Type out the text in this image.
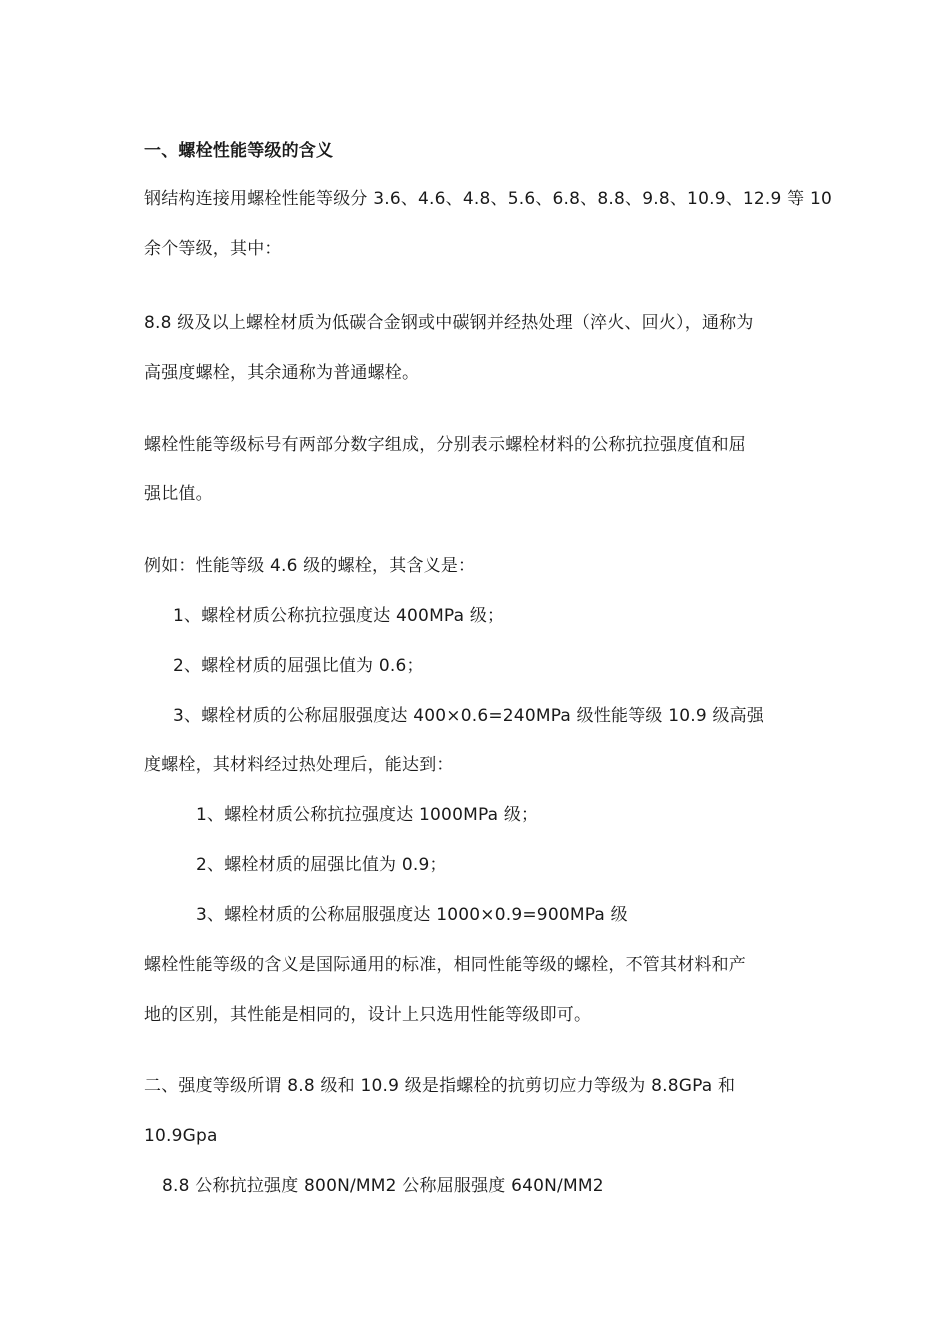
一、螺栓性能等级的含义
钢结构连接用螺栓性能等级分 3.6、4.6、4.8、5.6、6.8、8.8、9.8、10.9、12.9 等 10
余个等级，其中：
8.8 级及以上螺栓材质为低碳合金钢或中碳钢并经热处理（淬火、回火），通称为
高强度螺栓，其余通称为普通螺栓。
螺栓性能等级标号有两部分数字组成，分别表示螺栓材料的公称抗拉强度值和屈
强比值。
例如：性能等级 4.6 级的螺栓，其含义是：
1、螺栓材质公称抗拉强度达 400MPa 级；
2、螺栓材质的屈强比值为 0.6；
3、螺栓材质的公称屈服强度达 400×0.6=240MPa 级性能等级 10.9 级高强
度螺栓，其材料经过热处理后，能达到：
1、螺栓材质公称抗拉强度达 1000MPa 级；
2、螺栓材质的屈强比值为 0.9；
3、螺栓材质的公称屈服强度达 1000×0.9=900MPa 级
螺栓性能等级的含义是国际通用的标准，相同性能等级的螺栓，不管其材料和产
地的区别，其性能是相同的，设计上只选用性能等级即可。
二、强度等级所谓 8.8 级和 10.9 级是指螺栓的抗剪切应力等级为 8.8GPa 和
10.9Gpa
8.8 公称抗拉强度 800N/MM2 公称屈服强度 640N/MM2
